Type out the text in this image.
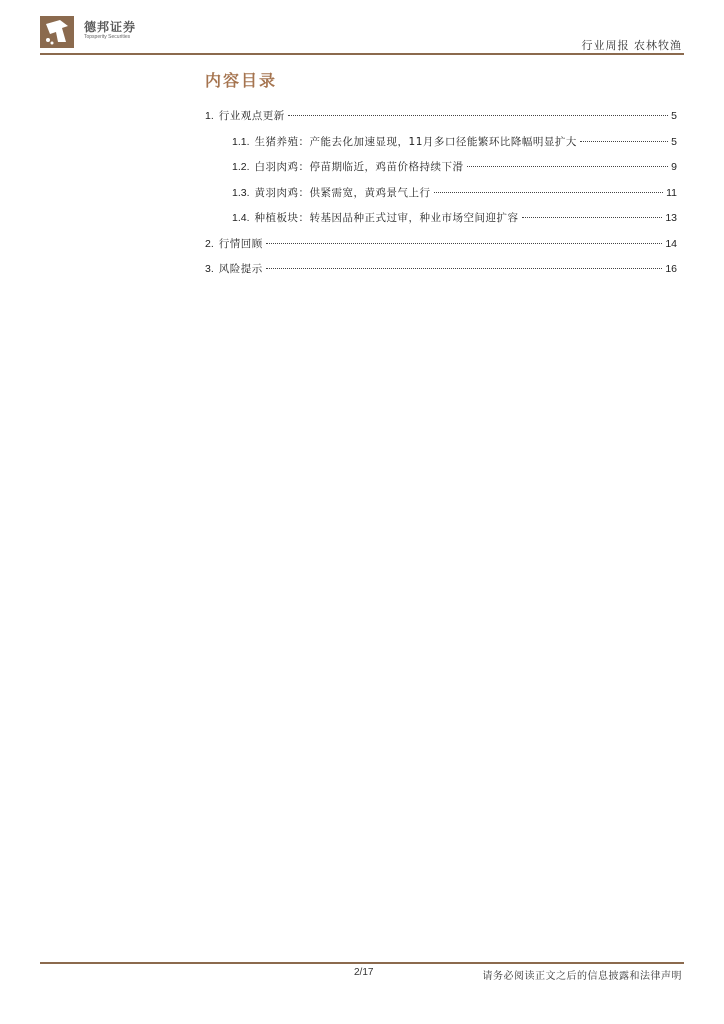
德邦证券
Topsperity Securities
行业周报 农林牧渔
内容目录
1. 行业观点更新	5
1.1. 生猪养殖：产能去化加速显现，11月多口径能繁环比降幅明显扩大	5
1.2. 白羽肉鸡：停苗期临近，鸡苗价格持续下滑	9
1.3. 黄羽肉鸡：供紧需宽，黄鸡景气上行	11
1.4. 种植板块：转基因品种正式过审，种业市场空间迎扩容	13
2. 行情回顾	14
3. 风险提示	16
2/17	请务必阅读正文之后的信息披露和法律声明
